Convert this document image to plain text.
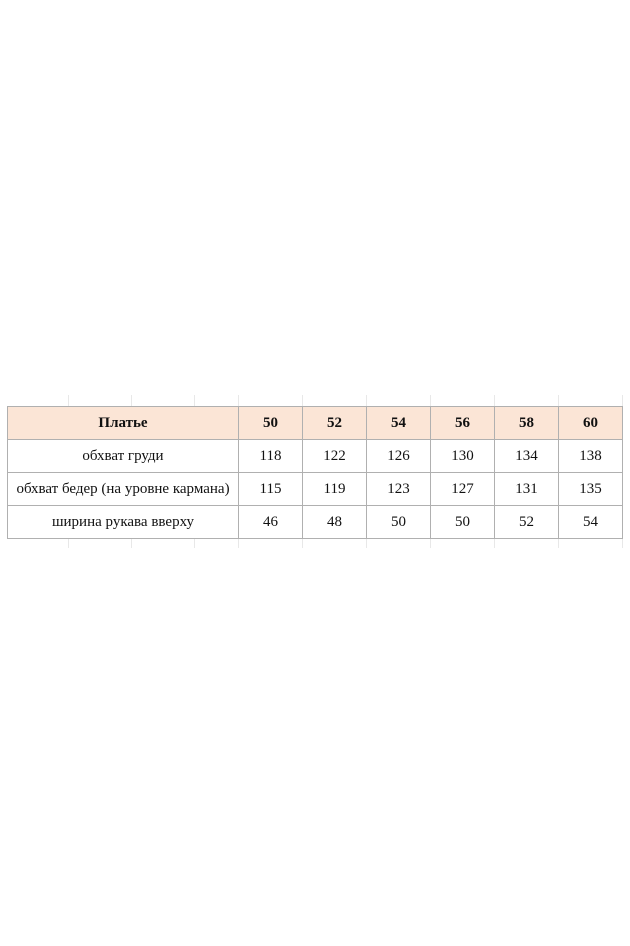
Платье	50	52	54	56	58	60
обхват груди	118	122	126	130	134	138
обхват бедер (на уровне кармана)	115	119	123	127	131	135
ширина рукава вверху	46	48	50	50	52	54
